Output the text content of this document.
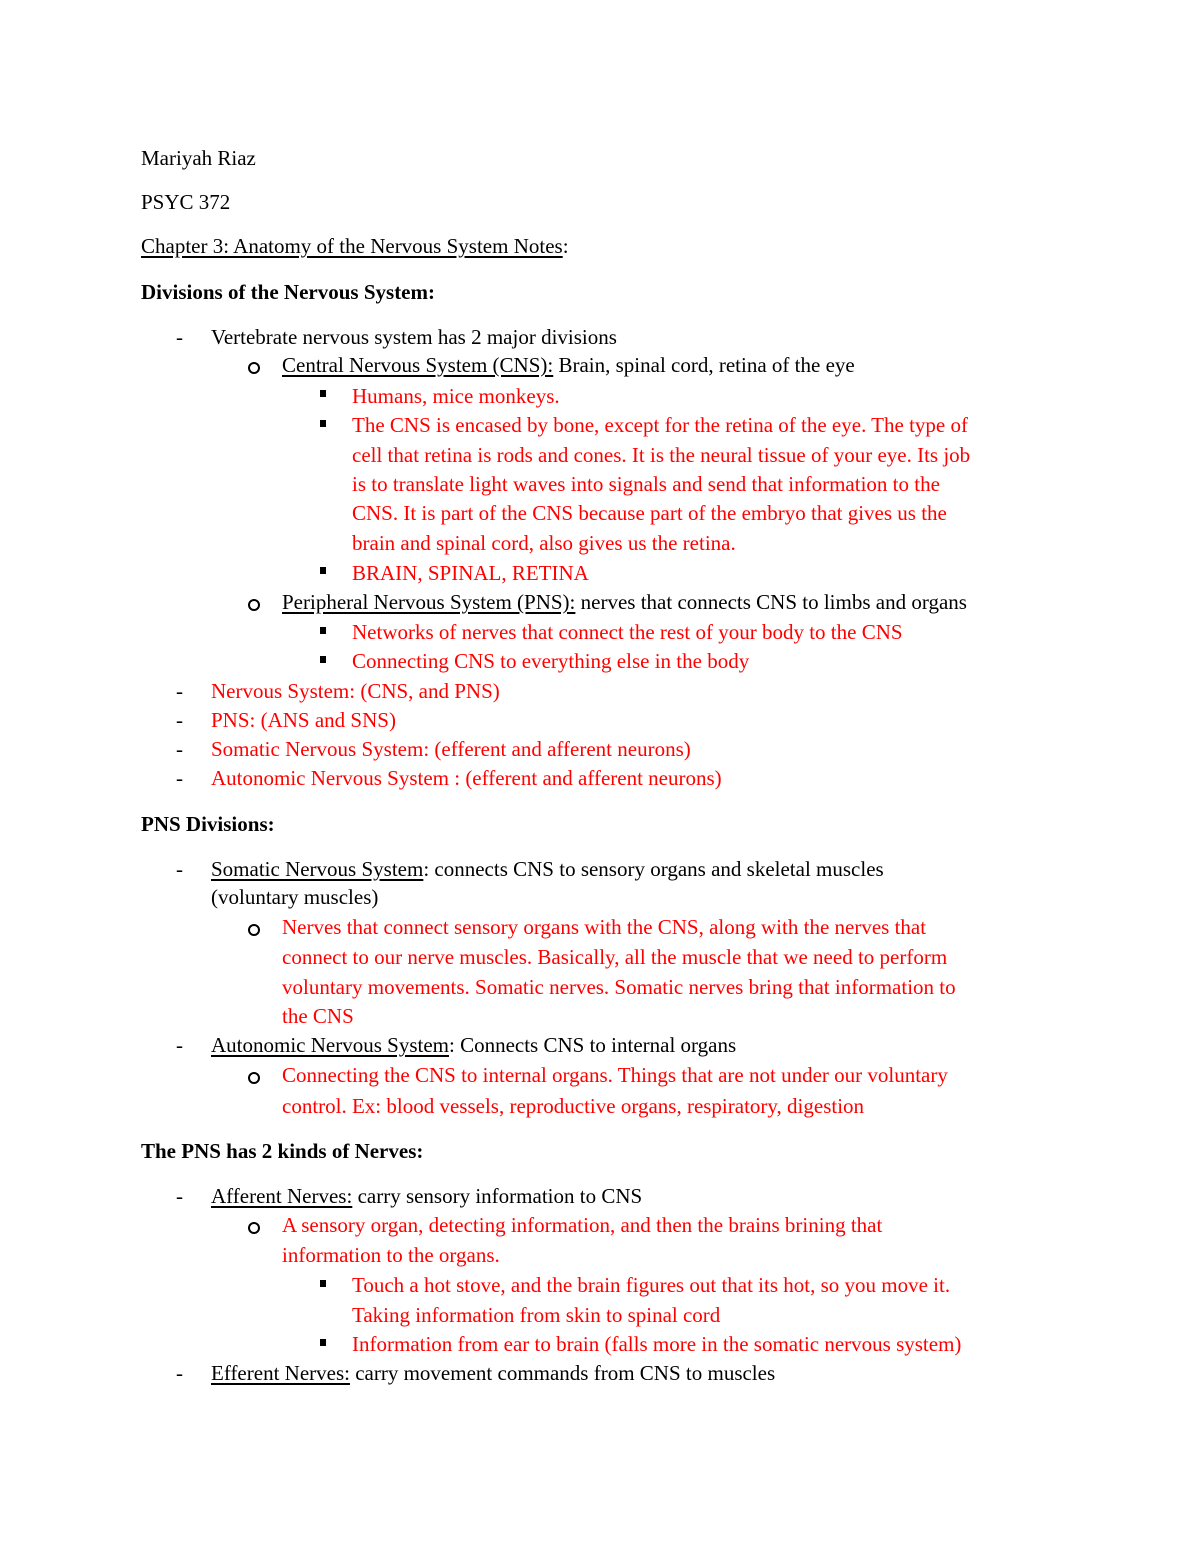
Mariyah Riaz
PSYC 372
Chapter 3: Anatomy of the Nervous System Notes:
Divisions of the Nervous System:
- Vertebrate nervous system has 2 major divisions
Central Nervous System (CNS): Brain, spinal cord, retina of the eye
Humans, mice monkeys.
The CNS is encased by bone, except for the retina of the eye. The type of
cell that retina is rods and cones. It is the neural tissue of your eye. Its job
is to translate light waves into signals and send that information to the
CNS. It is part of the CNS because part of the embryo that gives us the
brain and spinal cord, also gives us the retina.
BRAIN, SPINAL, RETINA
Peripheral Nervous System (PNS): nerves that connects CNS to limbs and organs
Networks of nerves that connect the rest of your body to the CNS
Connecting CNS to everything else in the body
- Nervous System: (CNS, and PNS)
- PNS: (ANS and SNS)
- Somatic Nervous System: (efferent and afferent neurons)
- Autonomic Nervous System : (efferent and afferent neurons)
PNS Divisions:
- Somatic Nervous System: connects CNS to sensory organs and skeletal muscles
(voluntary muscles)
Nerves that connect sensory organs with the CNS, along with the nerves that
connect to our nerve muscles. Basically, all the muscle that we need to perform
voluntary movements. Somatic nerves. Somatic nerves bring that information to
the CNS
- Autonomic Nervous System: Connects CNS to internal organs
Connecting the CNS to internal organs. Things that are not under our voluntary
control. Ex: blood vessels, reproductive organs, respiratory, digestion
The PNS has 2 kinds of Nerves:
- Afferent Nerves: carry sensory information to CNS
A sensory organ, detecting information, and then the brains brining that
information to the organs.
Touch a hot stove, and the brain figures out that its hot, so you move it.
Taking information from skin to spinal cord
Information from ear to brain (falls more in the somatic nervous system)
- Efferent Nerves: carry movement commands from CNS to muscles
